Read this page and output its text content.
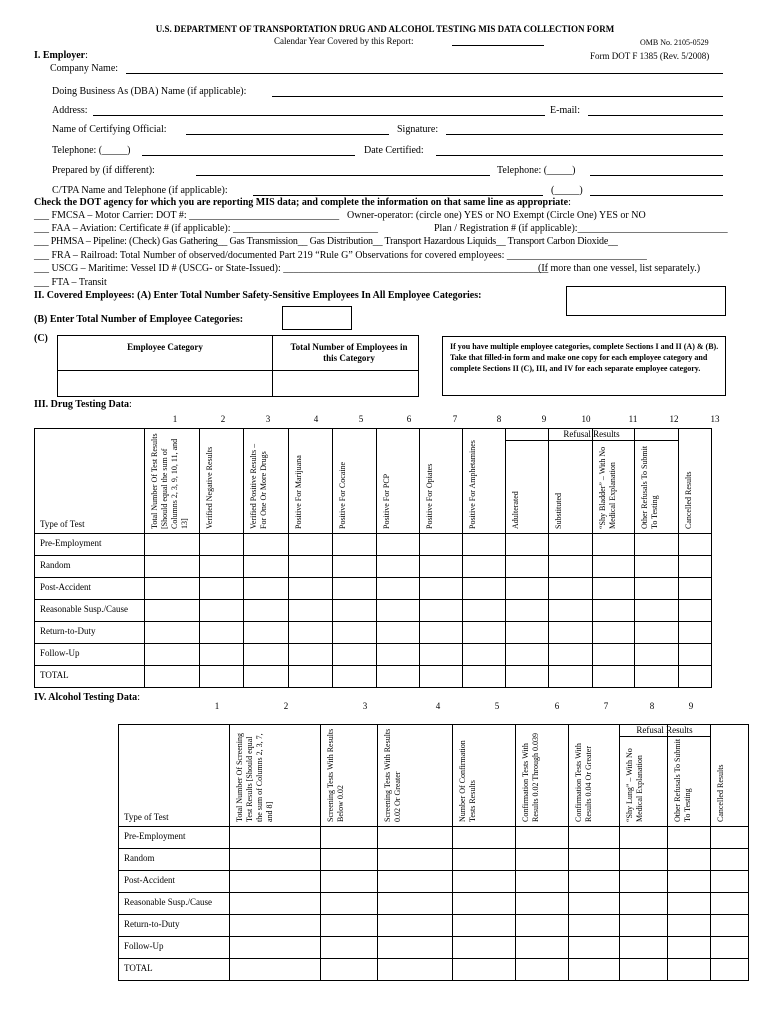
U.S. DEPARTMENT OF TRANSPORTATION DRUG AND ALCOHOL TESTING MIS DATA COLLECTION FORM
Calendar Year Covered by this Report:	OMB No. 2105-0529
Form DOT F 1385 (Rev. 5/2008)
I. Employer:
Company Name:
Doing Business As (DBA) Name (if applicable):
Address:	E-mail:
Name of Certifying Official:	Signature:
Telephone: (_____)	Date Certified:
Prepared by (if different):	Telephone: (_____)
C/TPA Name and Telephone (if applicable):	(_____)
Check the DOT agency for which you are reporting MIS data; and complete the information on that same line as appropriate:
___ FMCSA – Motor Carrier: DOT #: ______________________________ Owner-operator: (circle one) YES or NO Exempt (Circle One) YES or NO
___ FAA – Aviation: Certificate # (if applicable): _____________________________	Plan / Registration # (if applicable):______________________________
___ PHMSA – Pipeline: (Check) Gas Gathering__ Gas Transmission__ Gas Distribution__ Transport Hazardous Liquids__ Transport Carbon Dioxide__
___ FRA – Railroad: Total Number of observed/documented Part 219 “Rule G” Observations for covered employees: ____________________________
___ USCG – Maritime: Vessel ID # (USCG- or State-Issued): _____________________________________________________
(If more than one vessel, list separately.)
___ FTA – Transit
II. Covered Employees: (A) Enter Total Number Safety-Sensitive Employees In All Employee Categories:
(B) Enter Total Number of Employee Categories:
(C)
Employee Category	Total Number of Employees in this Category
If you have multiple employee categories, complete Sections I and II (A) & (B). Take that filled-in form and make one copy for each employee category and complete Sections II (C), III, and IV for each separate employee category.
III. Drug Testing Data:
Refusal Results
1	2	3	4	5	6	7	8	9	10	11	12	13
Total Number Of Test Results [Should equal the sum of Columns 2, 3, 9, 10, 11, and 13]	Verified Negative Results	Verified Positive Results – For One Or More Drugs	Positive For Marijuana	Positive For Cocaine	Positive For PCP	Positive For Opiates	Positive For Amphetamines	Adulterated	Substituted	“Shy Bladder” – With No Medical Explanation	Other Refusals To Submit To Testing	Cancelled Results
Type of Test
Pre-Employment
Random
Post-Accident
Reasonable Susp./Cause
Return-to-Duty
Follow-Up
TOTAL
IV. Alcohol Testing Data:
Refusal Results
1	2	3	4	5	6	7	8	9
Total Number Of Screening Test Results [Should equal the sum of Columns 2, 3, 7, and 8]	Screening Tests With Results Below 0.02	Screening Tests With Results 0.02 Or Greater	Number Of Confirmation Tests Results	Confirmation Tests With Results 0.02 Through 0.039	Confirmation Tests With Results 0.04 Or Greater	“Shy Lung” – With No Medical Explanation	Other Refusals To Submit To Testing	Cancelled Results
Type of Test
Pre-Employment
Random
Post-Accident
Reasonable Susp./Cause
Return-to-Duty
Follow-Up
TOTAL
